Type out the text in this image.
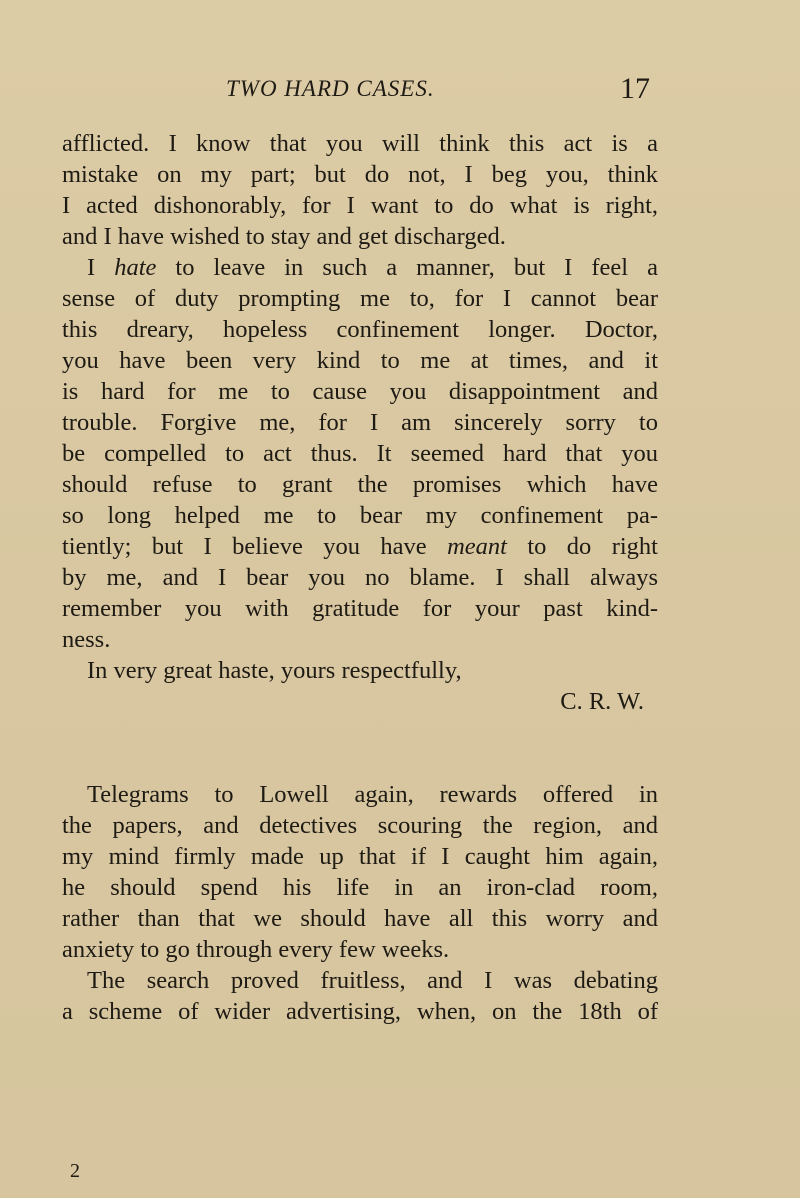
TWO HARD CASES.	17
afflicted. I know that you will think this act is a
mistake on my part; but do not, I beg you, think
I acted dishonorably, for I want to do what is right,
and I have wished to stay and get discharged.
I hate to leave in such a manner, but I feel a
sense of duty prompting me to, for I cannot bear
this dreary, hopeless confinement longer. Doctor,
you have been very kind to me at times, and it
is hard for me to cause you disappointment and
trouble. Forgive me, for I am sincerely sorry to
be compelled to act thus. It seemed hard that you
should refuse to grant the promises which have
so long helped me to bear my confinement pa-
tiently; but I believe you have meant to do right
by me, and I bear you no blame. I shall always
remember you with gratitude for your past kind-
ness.
In very great haste, yours respectfully,
C. R. W.
Telegrams to Lowell again, rewards offered in
the papers, and detectives scouring the region, and
my mind firmly made up that if I caught him again,
he should spend his life in an iron-clad room,
rather than that we should have all this worry and
anxiety to go through every few weeks.
The search proved fruitless, and I was debating
a scheme of wider advertising, when, on the 18th of
2
